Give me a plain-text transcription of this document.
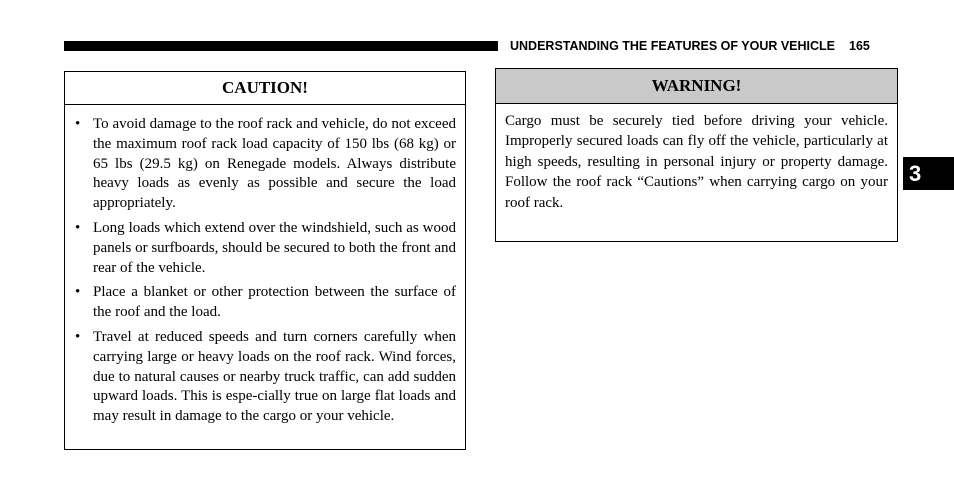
UNDERSTANDING THE FEATURES OF YOUR VEHICLE 165
3
CAUTION!
• To avoid damage to the roof rack and vehicle, do not exceed the maximum roof rack load capacity of 150 lbs (68 kg) or 65 lbs (29.5 kg) on Renegade models. Always distribute heavy loads as evenly as possible and secure the load appropriately.
• Long loads which extend over the windshield, such as wood panels or surfboards, should be secured to both the front and rear of the vehicle.
• Place a blanket or other protection between the surface of the roof and the load.
• Travel at reduced speeds and turn corners carefully when carrying large or heavy loads on the roof rack. Wind forces, due to natural causes or nearby truck traffic, can add sudden upward loads. This is espe-cially true on large flat loads and may result in damage to the cargo or your vehicle.
WARNING!
Cargo must be securely tied before driving your vehicle. Improperly secured loads can fly off the vehicle, particularly at high speeds, resulting in personal injury or property damage. Follow the roof rack “Cautions” when carrying cargo on your roof rack.
